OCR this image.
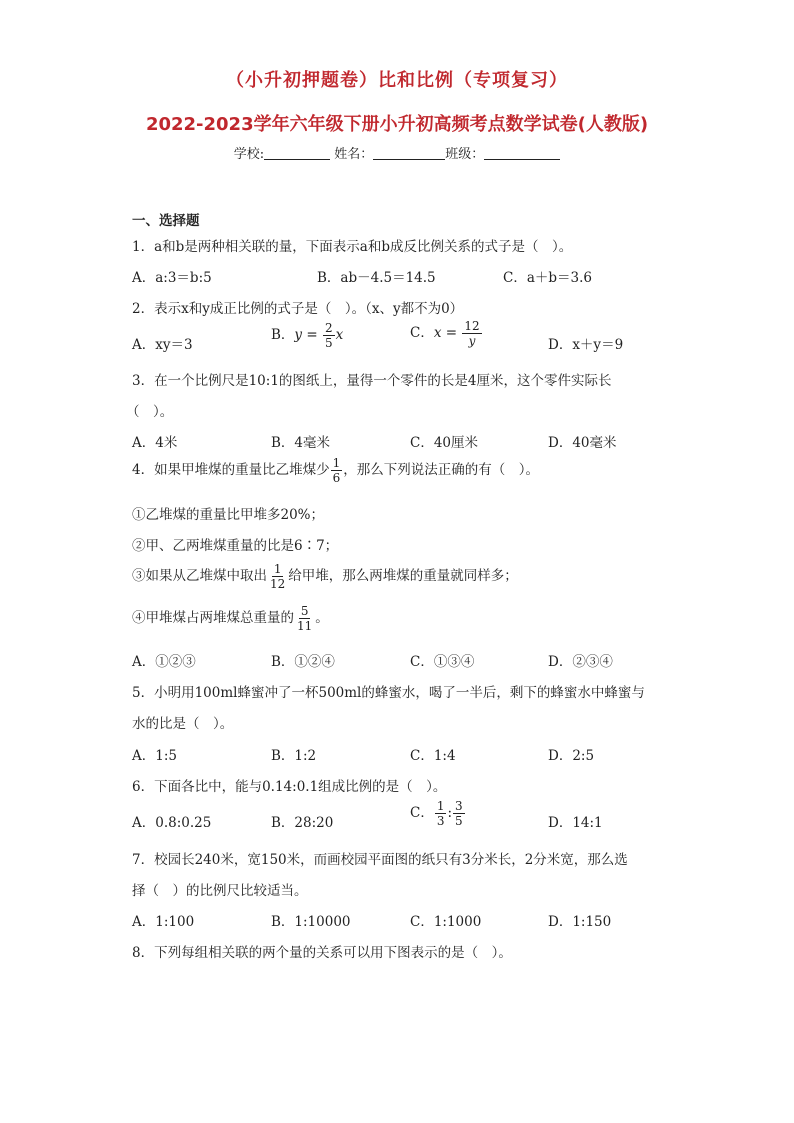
（小升初押题卷）比和比例（专项复习）
2022-2023学年六年级下册小升初高频考点数学试卷(人教版)
学校:	姓名：	班级：
一、选择题
1．a和b是两种相关联的量，下面表示a和b成反比例关系的式子是（　）。
A．a:3＝b:5	B．ab－4.5＝14.5	C．a＋b＝3.6
2．表示x和y成正比例的式子是（　）。（x、y都不为0）
A．xy＝3
B．$y = \frac{2}{5}$ x	C．$x = \frac{12}{y}$	D．x＋y＝9
3．在一个比例尺是10:1的图纸上，量得一个零件的长是4厘米，这个零件实际长
（　）。
A．4米	B．4毫米	C．40厘米	D．40毫米
4．如果甲堆煤的重量比乙堆煤少 $\frac{1}{6}$ ，那么下列说法正确的有（　）。
①乙堆煤的重量比甲堆多20%；
②甲、乙两堆煤重量的比是6∶7；
③如果从乙堆煤中取出 $\frac{1}{12}$ 给甲堆，那么两堆煤的重量就同样多；
④甲堆煤占两堆煤总重量的 $\frac{5}{11}$ 。
A．①②③	B．①②④	C．①③④	D．②③④
5．小明用100ml蜂蜜冲了一杯500ml的蜂蜜水，喝了一半后，剩下的蜂蜜水中蜂蜜与
水的比是（　）。
A．1:5	B．1:2	C．1:4	D．2:5
6．下面各比中，能与0.14:0.1组成比例的是（　）。
A．0.8:0.25	B．28:20
C． $\frac{1}{3}$ : $\frac{3}{5}$	D．14:1
7．校园长240米，宽150米，而画校园平面图的纸只有3分米长，2分米宽，那么选
择（　）的比例尺比较适当。
A．1:100	B．1:10000	C．1:1000	D．1:150
8．下列每组相关联的两个量的关系可以用下图表示的是（　）。
